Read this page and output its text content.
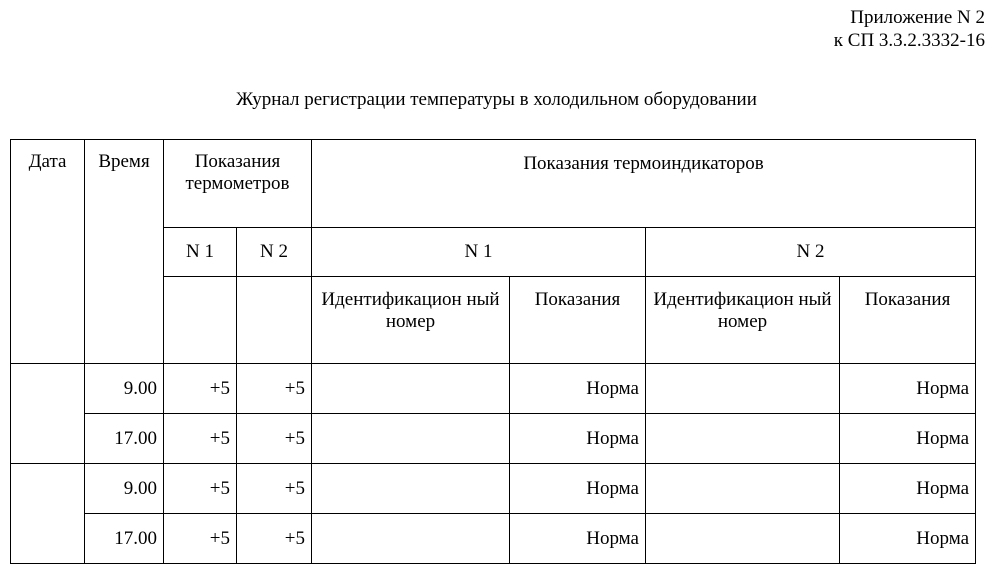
Приложение N 2
к СП 3.3.2.3332-16
Журнал регистрации температуры в холодильном оборудовании
Дата	Время	Показания термометров		Показания термоиндикаторов			
		N 1	N 2	N 1		N 2	
				Идентификацион ный номер	Показания	Идентификацион ный номер	Показания
	9.00	+5	+5		Норма		Норма
	17.00	+5	+5		Норма		Норма
	9.00	+5	+5		Норма		Норма
	17.00	+5	+5		Норма		Норма
